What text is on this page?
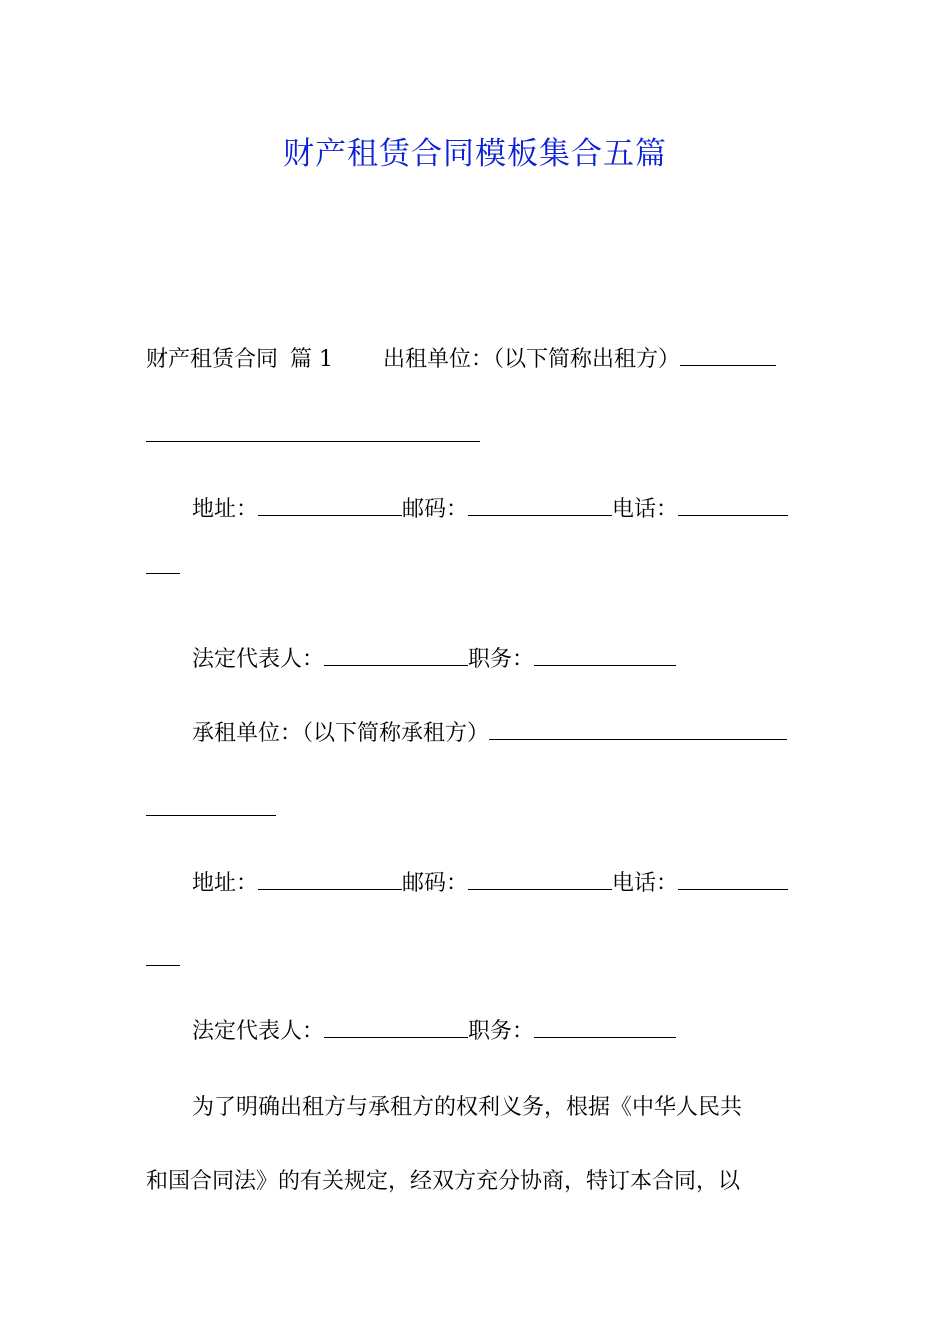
财产租赁合同模板集合五篇
财产租赁合同 篇 1 出租单位：（以下简称出租方）
地址：	邮码：	电话：
法定代表人：	职务：
承租单位：（以下简称承租方）
地址：	邮码：	电话：
法定代表人：	职务：
为了明确出租方与承租方的权利义务，根据《中华人民共
和国合同法》的有关规定，经双方充分协商，特订本合同，以
